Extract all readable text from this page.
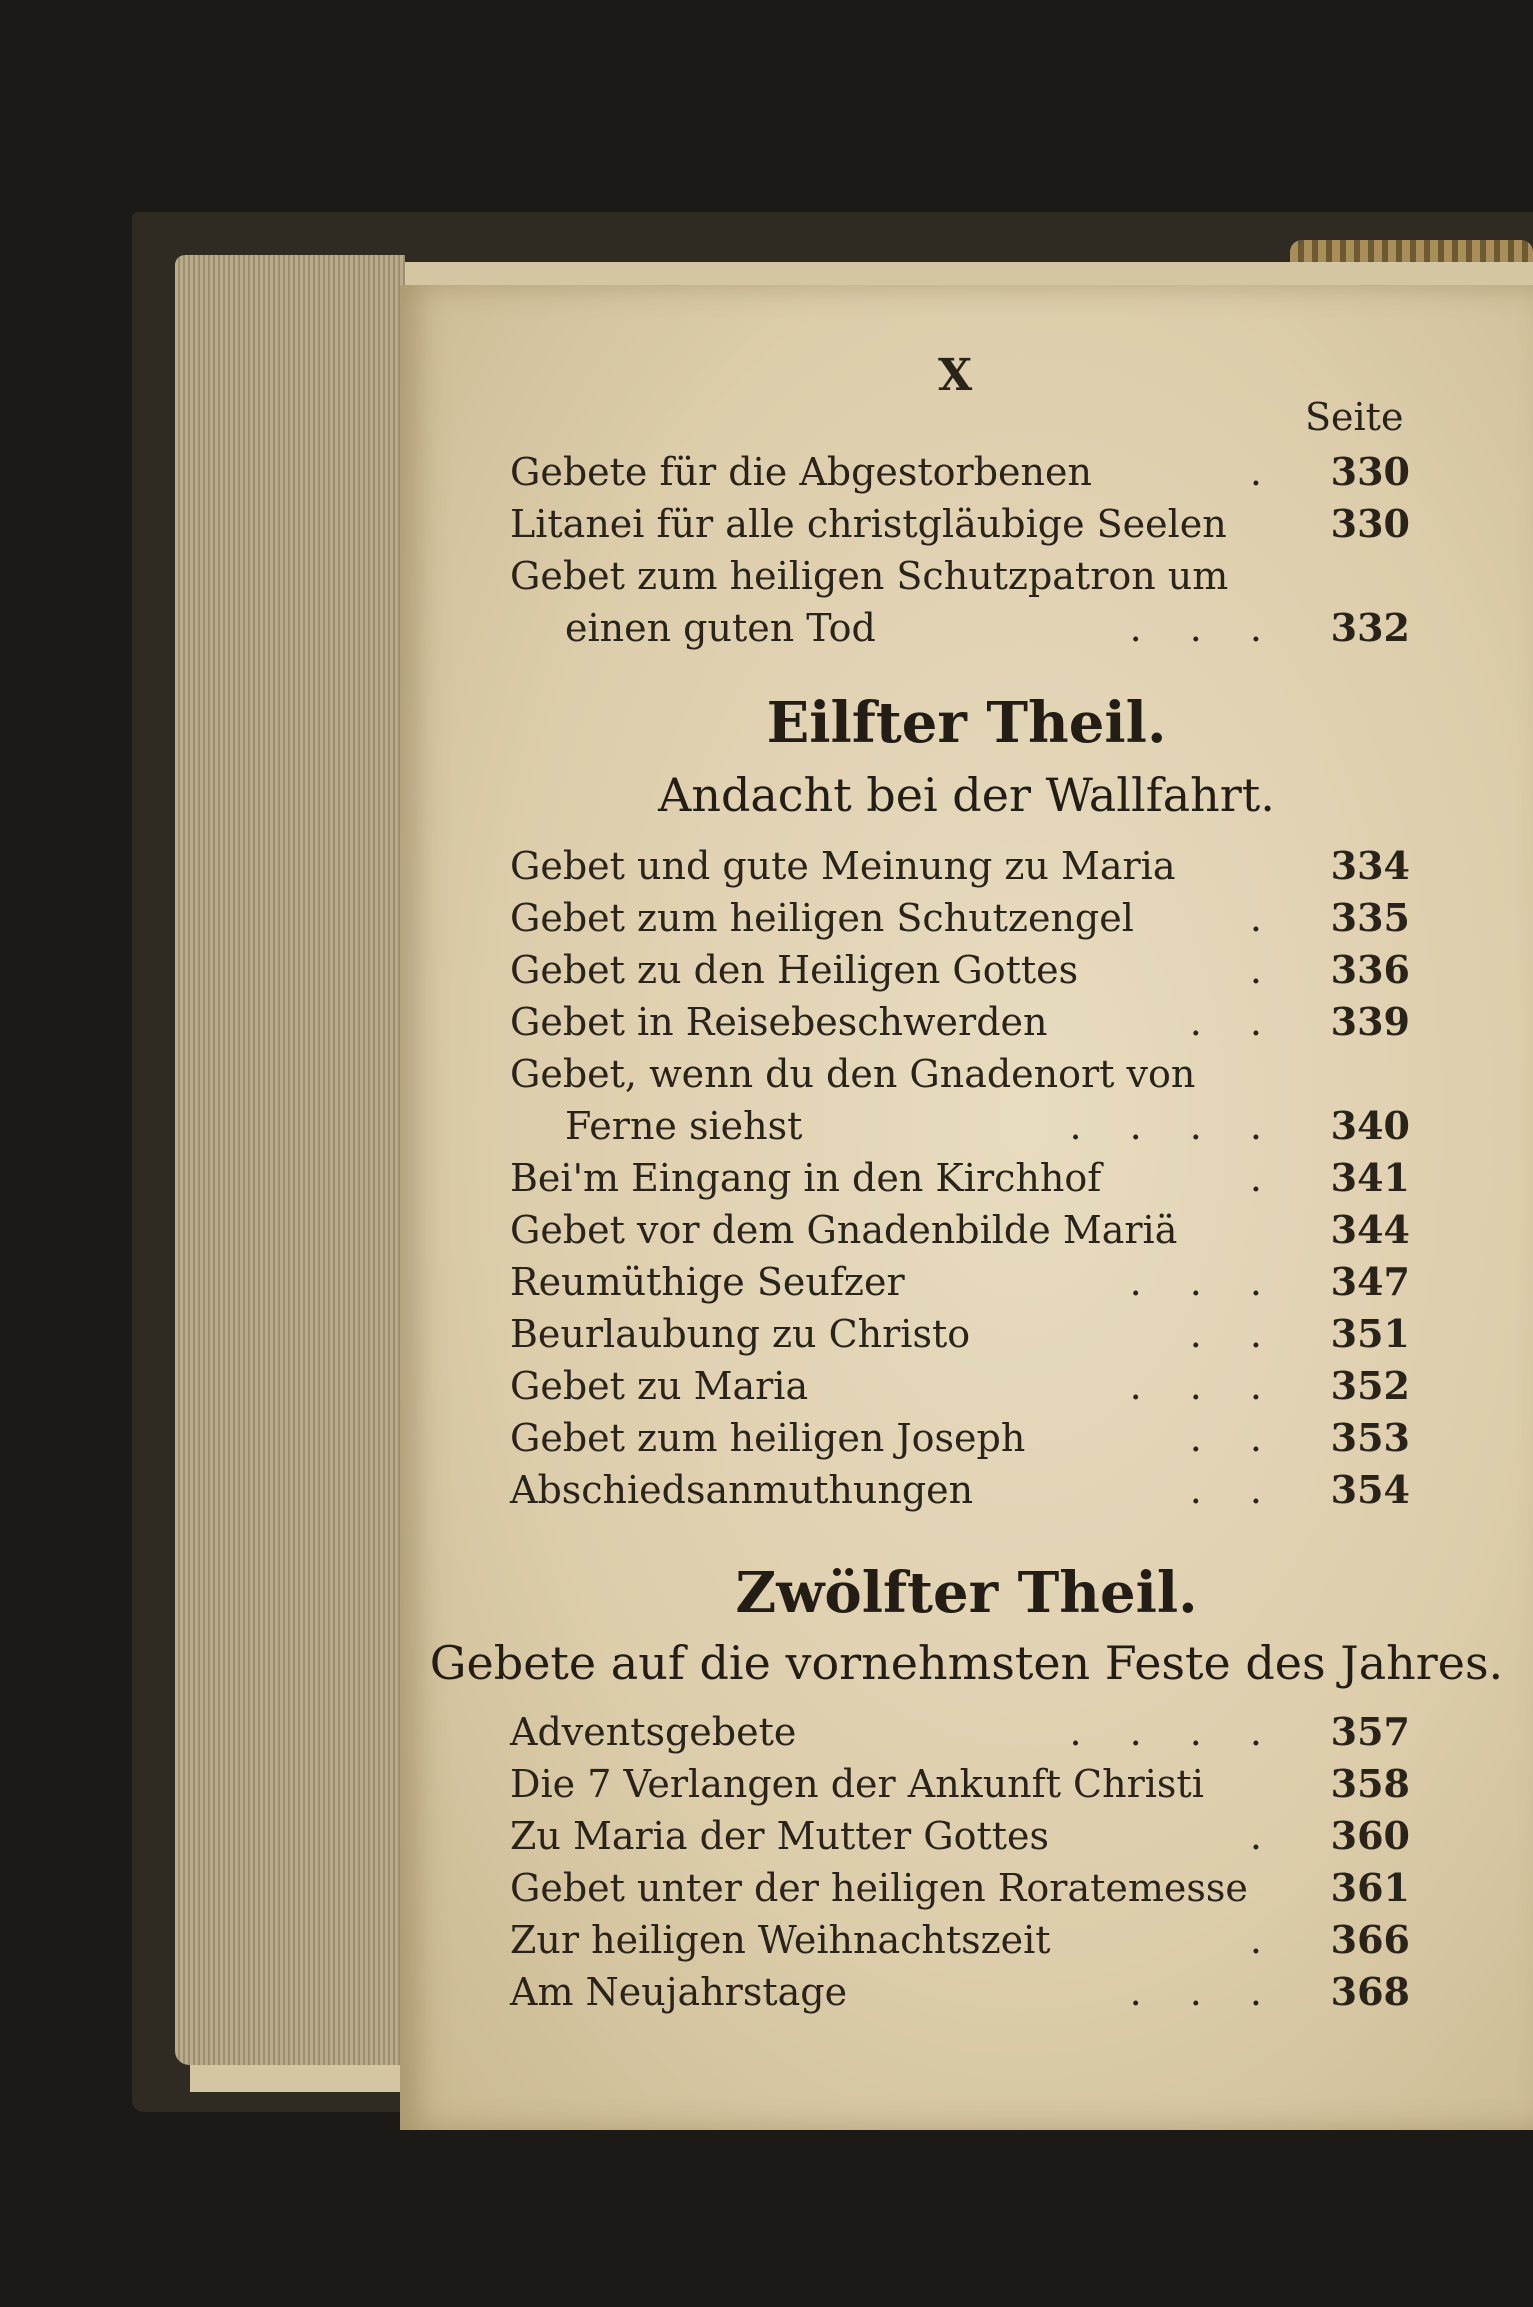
X
Seite
Gebete für die Abgestorbenen	. 330
Litanei für alle christgläubige Seelen	330
Gebet zum heiligen Schutzpatron um
einen guten Tod	. . . 332
Eilfter Theil.
Andacht bei der Wallfahrt.
Gebet und gute Meinung zu Maria	334
Gebet zum heiligen Schutzengel	. 335
Gebet zu den Heiligen Gottes	. 336
Gebet in Reisebeschwerden	. . 339
Gebet, wenn du den Gnadenort von
Ferne siehst	. . . . 340
Bei'm Eingang in den Kirchhof	. 341
Gebet vor dem Gnadenbilde Mariä	344
Reumüthige Seufzer	. . . 347
Beurlaubung zu Christo	. . 351
Gebet zu Maria	. . . 352
Gebet zum heiligen Joseph	. . 353
Abschiedsanmuthungen	. . 354
Zwölfter Theil.
Gebete auf die vornehmsten Feste des Jahres.
Adventsgebete	. . . . 357
Die 7 Verlangen der Ankunft Christi	358
Zu Maria der Mutter Gottes	. 360
Gebet unter der heiligen Roratemesse 361
Zur heiligen Weihnachtszeit	. 366
Am Neujahrstage	. . . 368
